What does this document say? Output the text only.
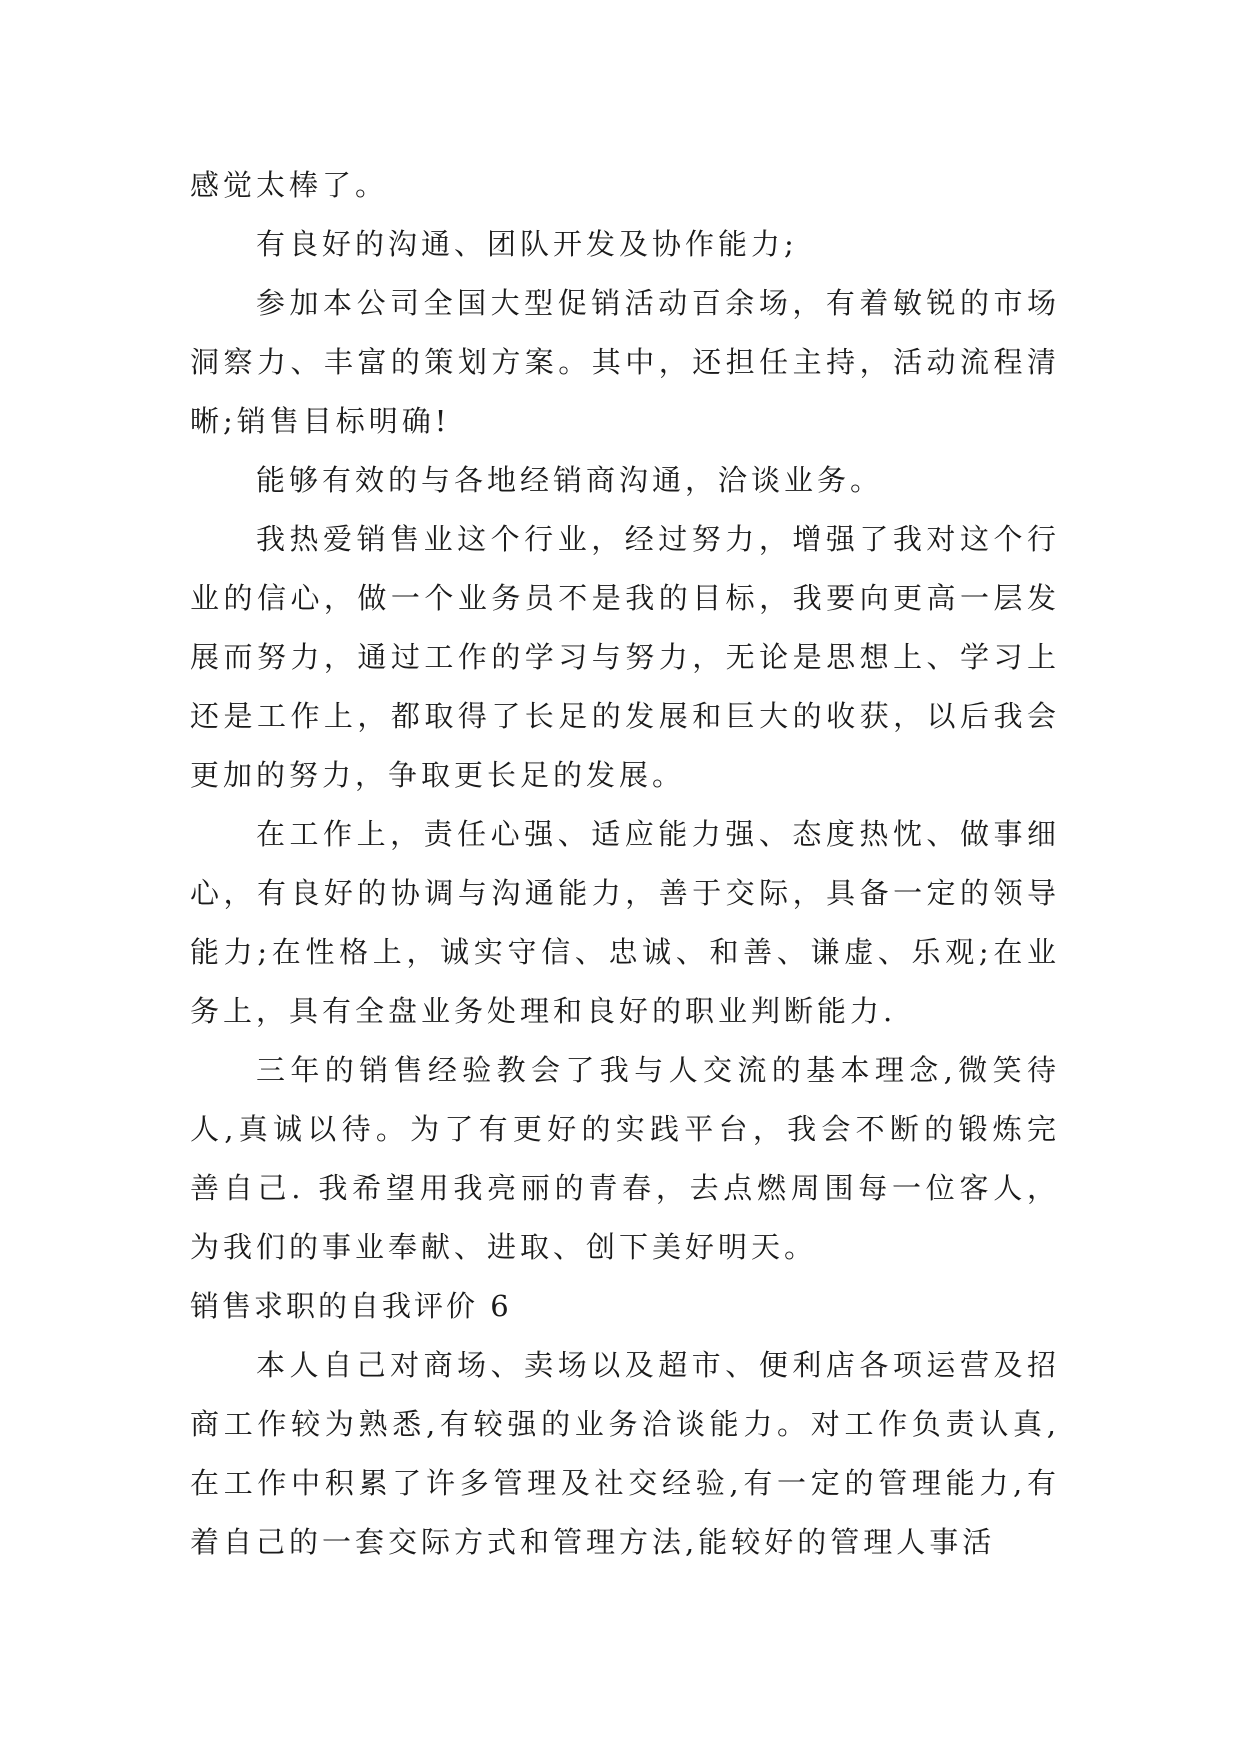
感觉太棒了。

有良好的沟通、团队开发及协作能力;

参加本公司全国大型促销活动百余场，有着敏锐的市场洞察力、丰富的策划方案。其中，还担任主持，活动流程清晰;销售目标明确!

能够有效的与各地经销商沟通，洽谈业务。

我热爱销售业这个行业，经过努力，增强了我对这个行业的信心，做一个业务员不是我的目标，我要向更高一层发展而努力，通过工作的学习与努力，无论是思想上、学习上还是工作上，都取得了长足的发展和巨大的收获，以后我会更加的努力，争取更长足的发展。

在工作上，责任心强、适应能力强、态度热忱、做事细心，有良好的协调与沟通能力，善于交际，具备一定的领导能力;在性格上，诚实守信、忠诚、和善、谦虚、乐观;在业务上，具有全盘业务处理和良好的职业判断能力.

三年的销售经验教会了我与人交流的基本理念,微笑待人,真诚以待。为了有更好的实践平台，我会不断的锻炼完善自己. 我希望用我亮丽的青春，去点燃周围每一位客人，为我们的事业奉献、进取、创下美好明天。

销售求职的自我评价 6

本人自己对商场、卖场以及超市、便利店各项运营及招商工作较为熟悉,有较强的业务洽谈能力。对工作负责认真,在工作中积累了许多管理及社交经验,有一定的管理能力,有着自己的一套交际方式和管理方法,能较好的管理人事活
